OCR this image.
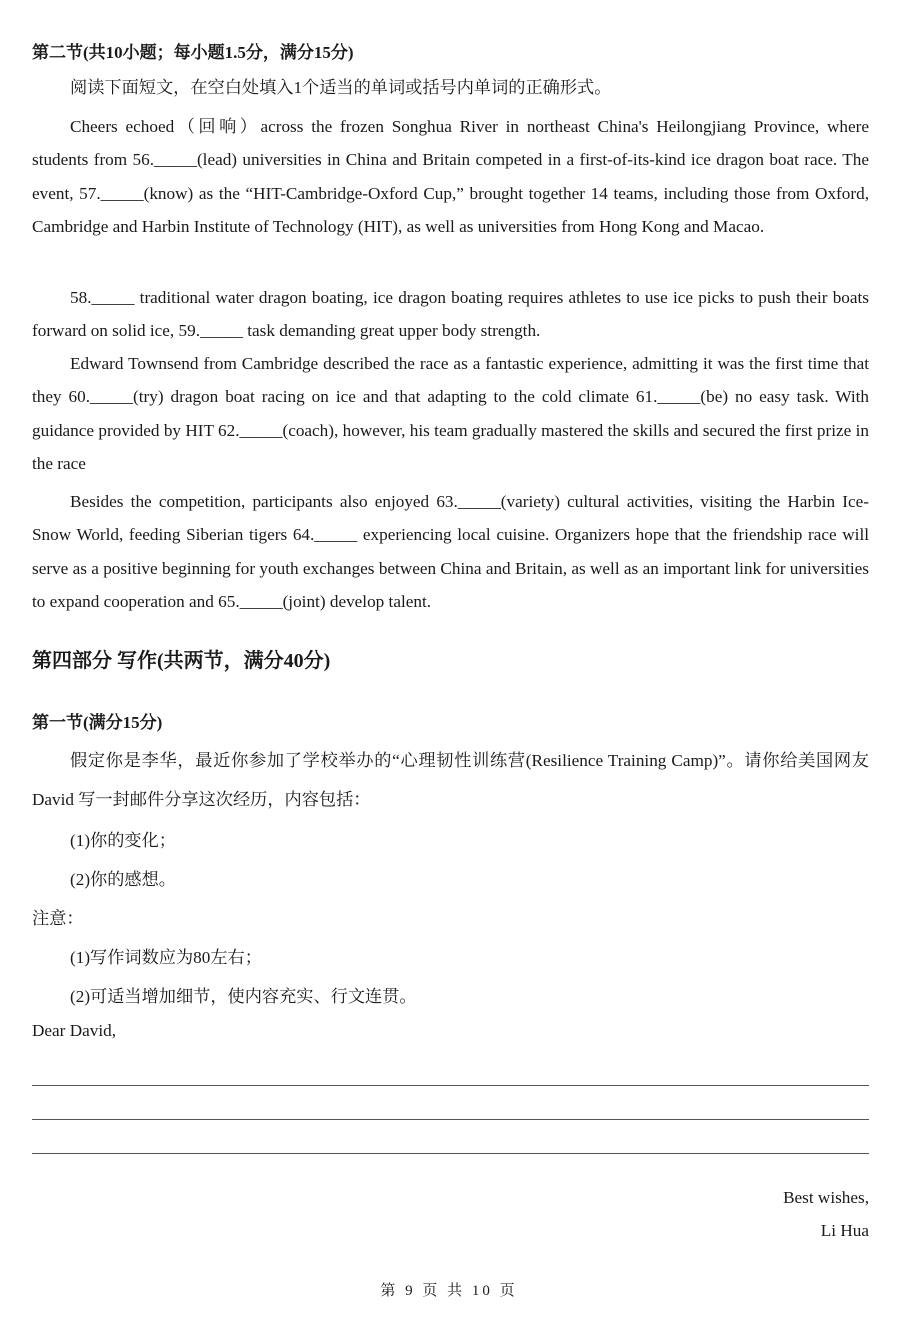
第二节(共10小题；每小题1.5分，满分15分)

阅读下面短文，在空白处填入1个适当的单词或括号内单词的正确形式。

Cheers echoed（回响）across the frozen Songhua River in northeast China's Heilongjiang Province, where students from 56._____(lead) universities in China and Britain competed in a first-of-its-kind ice dragon boat race. The event, 57._____(know) as the “HIT-Cambridge-Oxford Cup,” brought together 14 teams, including those from Oxford, Cambridge and Harbin Institute of Technology (HIT), as well as universities from Hong Kong and Macao.

58._____ traditional water dragon boating, ice dragon boating requires athletes to use ice picks to push their boats forward on solid ice, 59._____ task demanding great upper body strength.

Edward Townsend from Cambridge described the race as a fantastic experience, admitting it was the first time that they 60._____(try) dragon boat racing on ice and that adapting to the cold climate 61._____(be) no easy task. With guidance provided by HIT 62._____(coach), however, his team gradually mastered the skills and secured the first prize in the race

Besides the competition, participants also enjoyed 63._____(variety) cultural activities, visiting the Harbin Ice-Snow World, feeding Siberian tigers 64._____ experiencing local cuisine. Organizers hope that the friendship race will serve as a positive beginning for youth exchanges between China and Britain, as well as an important link for universities to expand cooperation and 65._____(joint) develop talent.

第四部分 写作(共两节，满分40分)
第一节(满分15分)

假定你是李华，最近你参加了学校举办的“心理韧性训练营(Resilience Training Camp)”。请你给美国网友David 写一封邮件分享这次经历，内容包括：

(1)你的变化；
(2)你的感想。
注意：
(1)写作词数应为80左右；
(2)可适当增加细节，使内容充实、行文连贯。
Dear David,
Best wishes,
Li Hua
第 9 页 共 10 页
